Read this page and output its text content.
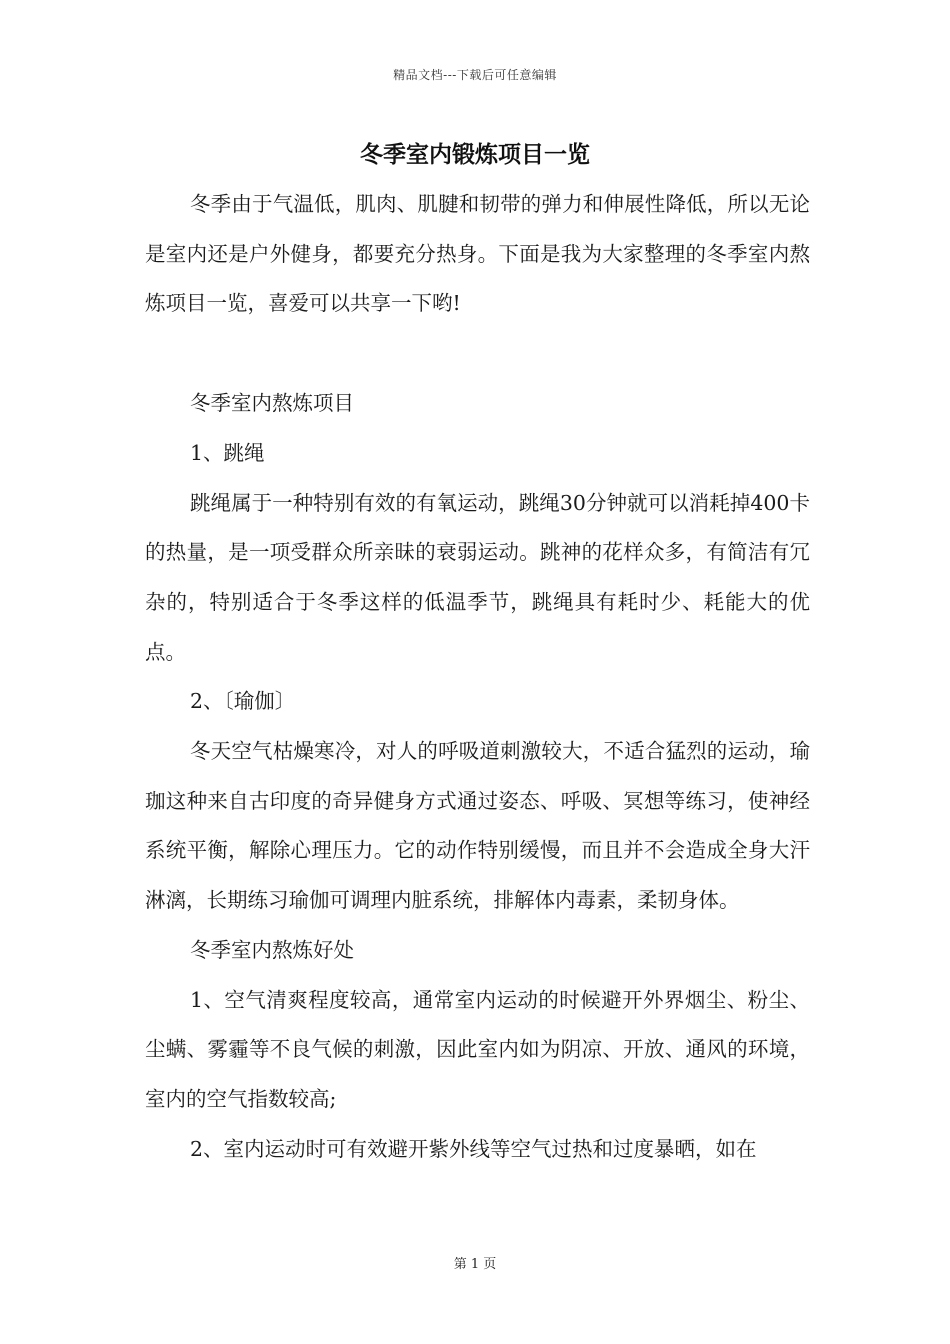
精品文档---下载后可任意编辑
冬季室内锻炼项目一览

冬季由于气温低，肌肉、肌腱和韧带的弹力和伸展性降低，所以无论是室内还是户外健身，都要充分热身。下面是我为大家整理的冬季室内熬炼项目一览，喜爱可以共享一下哟!

冬季室内熬炼项目

1、跳绳

跳绳属于一种特别有效的有氧运动，跳绳30分钟就可以消耗掉400卡的热量，是一项受群众所亲昧的衰弱运动。跳神的花样众多，有简洁有冗杂的，特别适合于冬季这样的低温季节，跳绳具有耗时少、耗能大的优点。

2、〔瑜伽〕

冬天空气枯燥寒冷，对人的呼吸道刺激较大，不适合猛烈的运动，瑜珈这种来自古印度的奇异健身方式通过姿态、呼吸、冥想等练习，使神经系统平衡，解除心理压力。它的动作特别缓慢，而且并不会造成全身大汗淋漓，长期练习瑜伽可调理内脏系统，排解体内毒素，柔韧身体。

冬季室内熬炼好处

1、空气清爽程度较高，通常室内运动的时候避开外界烟尘、粉尘、尘螨、雾霾等不良气候的刺激，因此室内如为阴凉、开放、通风的环境，室内的空气指数较高;

2、室内运动时可有效避开紫外线等空气过热和过度暴晒，如在

第 1 页
